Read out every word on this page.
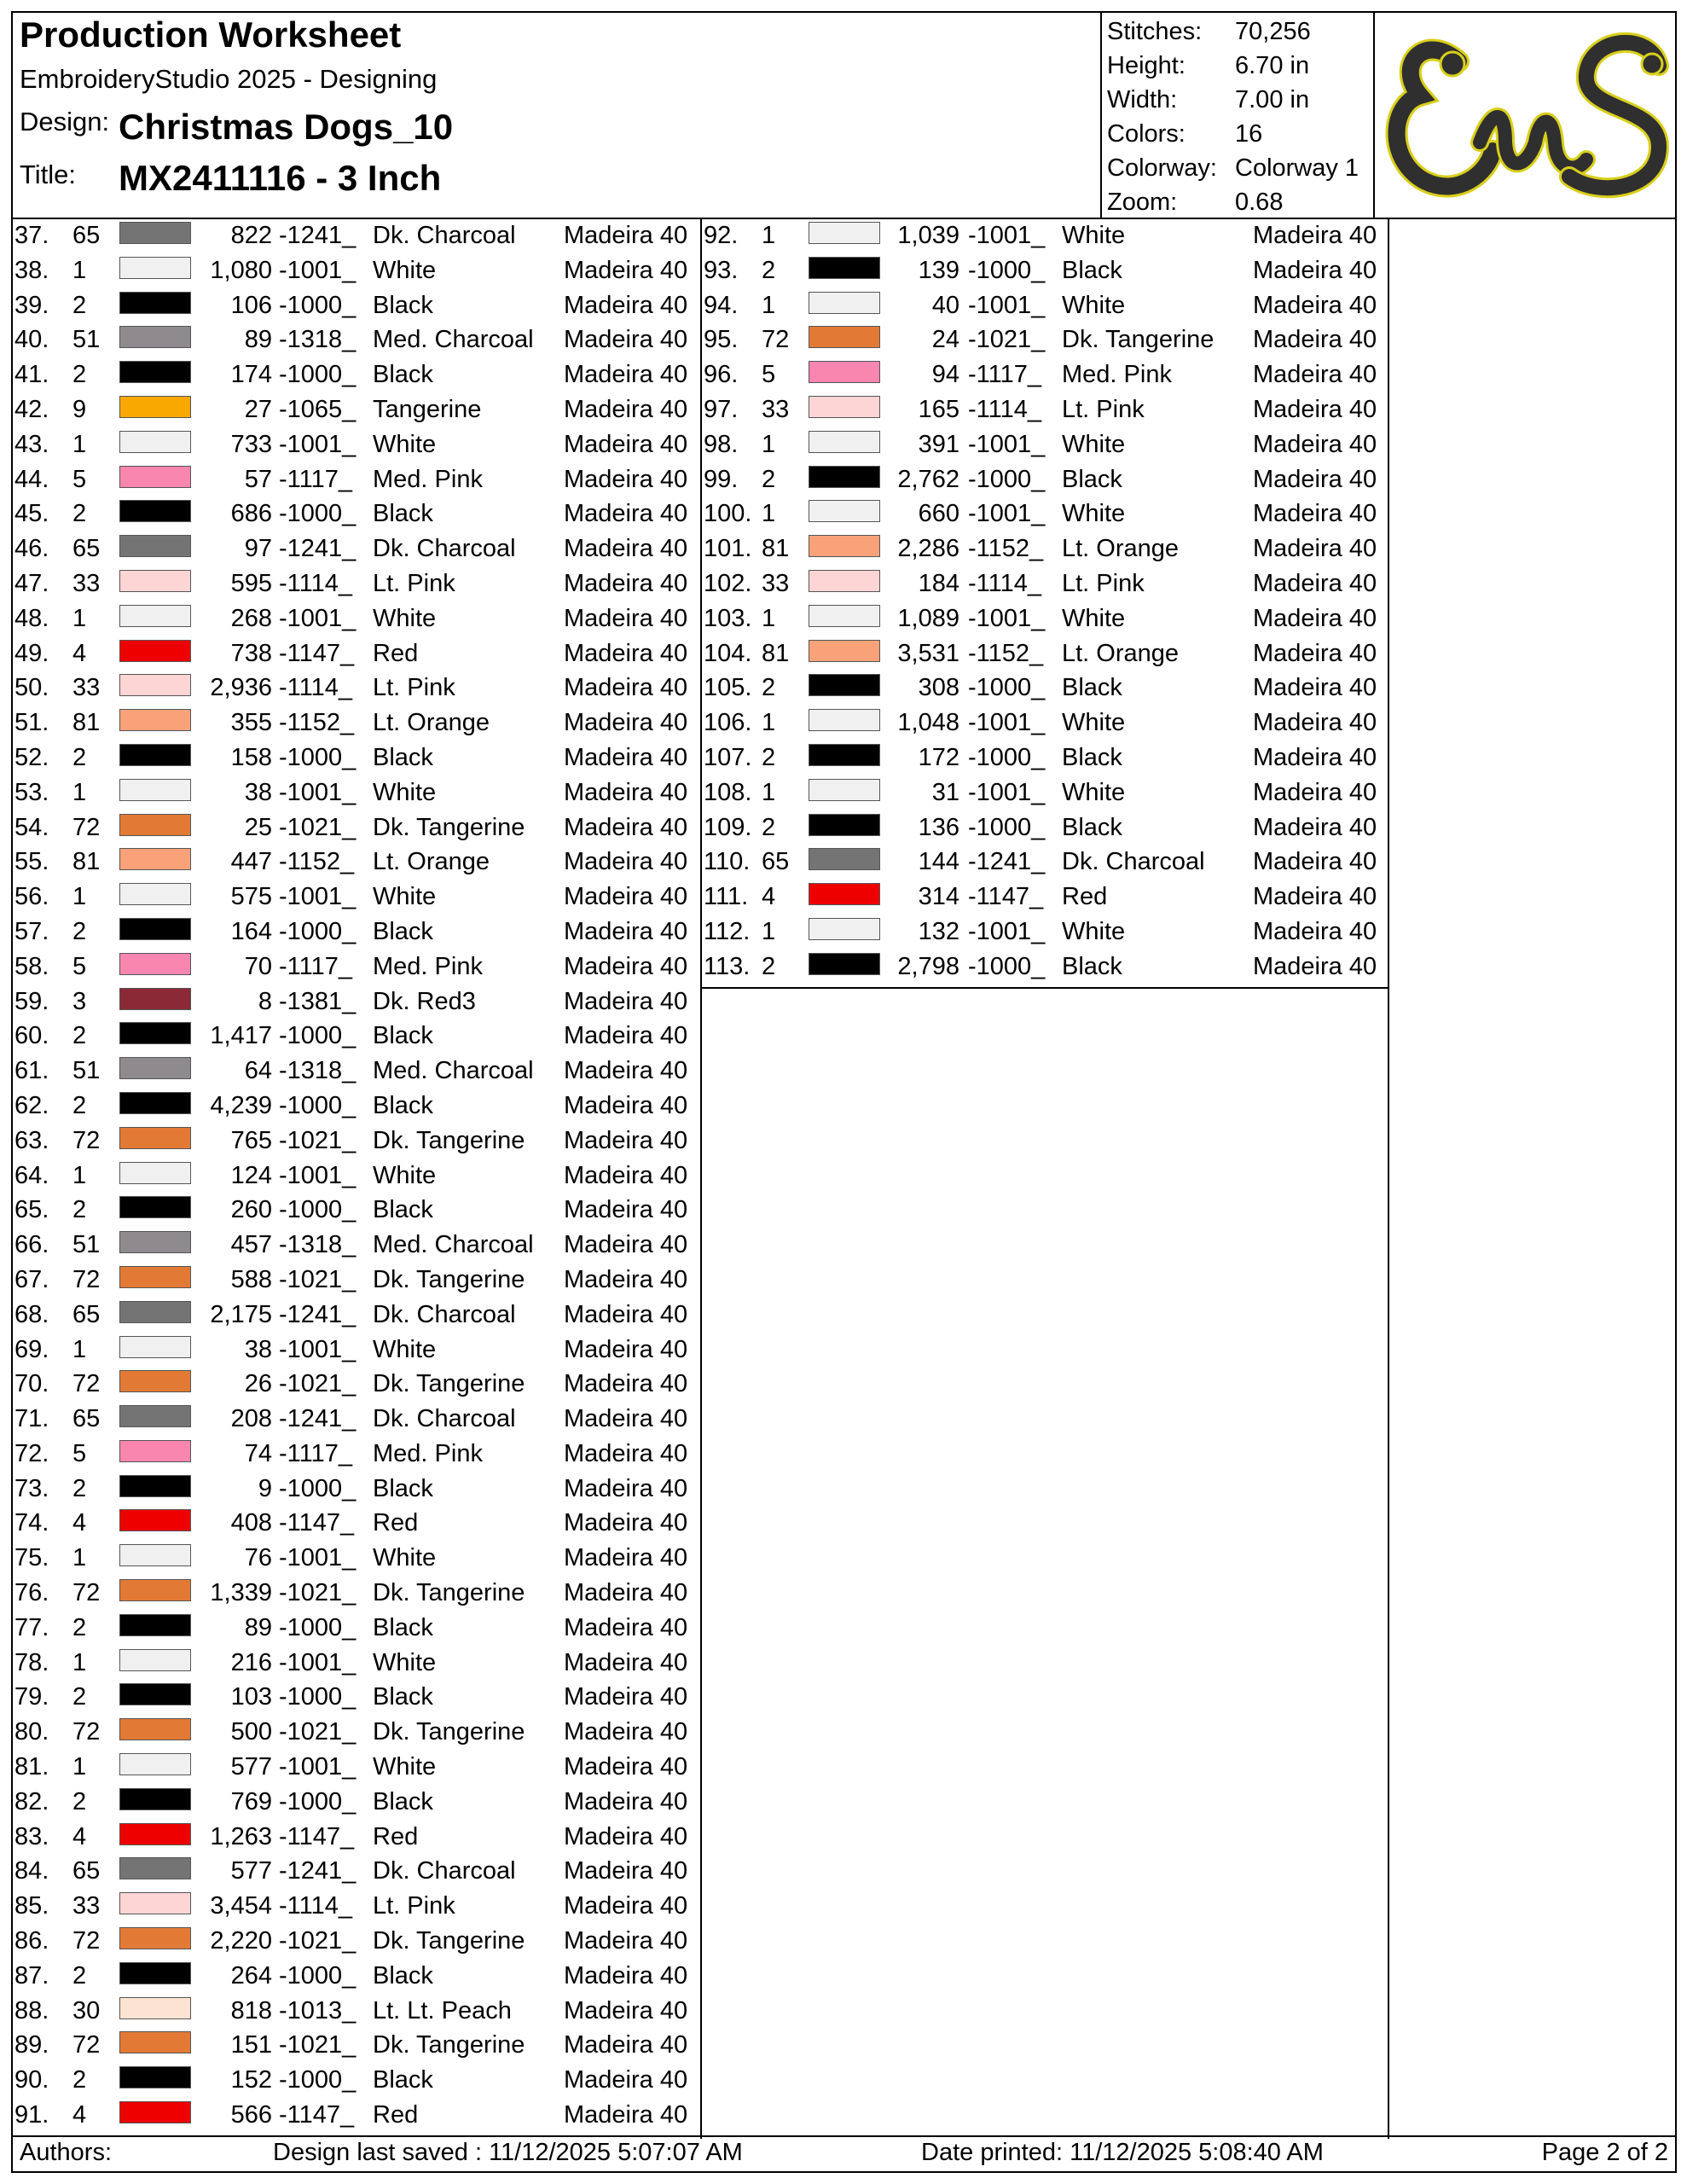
Production Worksheet
EmbroideryStudio 2025 - Designing
Design: Christmas Dogs_10
Title: MX2411116 - 3 Inch
Stitches: 70,256
Height: 6.70 in
Width: 7.00 in
Colors: 16
Colorway: Colorway 1
Zoom: 0.68
37. 65	822 -1241_ Dk. Charcoal Madeira 40
38. 1	1,080 -1001_ White	Madeira 40
39. 2	106 -1000_ Black	Madeira 40
40. 51	89 -1318_ Med. Charcoal Madeira 40
41. 2	174 -1000_ Black	Madeira 40
42. 9	27 -1065_ Tangerine	Madeira 40
43. 1	733 -1001_ White	Madeira 40
44. 5	57 -1117_ Med. Pink	Madeira 40
45. 2	686 -1000_ Black	Madeira 40
46. 65	97 -1241_ Dk. Charcoal Madeira 40
47. 33	595 -1114_ Lt. Pink	Madeira 40
48. 1	268 -1001_ White	Madeira 40
49. 4	738 -1147_ Red	Madeira 40
50. 33	2,936 -1114_ Lt. Pink	Madeira 40
51. 81	355 -1152_ Lt. Orange	Madeira 40
52. 2	158 -1000_ Black	Madeira 40
53. 1	38 -1001_ White	Madeira 40
54. 72	25 -1021_ Dk. Tangerine Madeira 40
55. 81	447 -1152_ Lt. Orange	Madeira 40
56. 1	575 -1001_ White	Madeira 40
57. 2	164 -1000_ Black	Madeira 40
58. 5	70 -1117_ Med. Pink	Madeira 40
59. 3	8 -1381_ Dk. Red3	Madeira 40
60. 2	1,417 -1000_ Black	Madeira 40
61. 51	64 -1318_ Med. Charcoal Madeira 40
62. 2	4,239 -1000_ Black	Madeira 40
63. 72	765 -1021_ Dk. Tangerine Madeira 40
64. 1	124 -1001_ White	Madeira 40
65. 2	260 -1000_ Black	Madeira 40
66. 51	457 -1318_ Med. Charcoal Madeira 40
67. 72	588 -1021_ Dk. Tangerine Madeira 40
68. 65	2,175 -1241_ Dk. Charcoal Madeira 40
69. 1	38 -1001_ White	Madeira 40
70. 72	26 -1021_ Dk. Tangerine Madeira 40
71. 65	208 -1241_ Dk. Charcoal Madeira 40
72. 5	74 -1117_ Med. Pink	Madeira 40
73. 2	9 -1000_ Black	Madeira 40
74. 4	408 -1147_ Red	Madeira 40
75. 1	76 -1001_ White	Madeira 40
76. 72	1,339 -1021_ Dk. Tangerine Madeira 40
77. 2	89 -1000_ Black	Madeira 40
78. 1	216 -1001_ White	Madeira 40
79. 2	103 -1000_ Black	Madeira 40
80. 72	500 -1021_ Dk. Tangerine Madeira 40
81. 1	577 -1001_ White	Madeira 40
82. 2	769 -1000_ Black	Madeira 40
83. 4	1,263 -1147_ Red	Madeira 40
84. 65	577 -1241_ Dk. Charcoal Madeira 40
85. 33	3,454 -1114_ Lt. Pink	Madeira 40
86. 72	2,220 -1021_ Dk. Tangerine Madeira 40
87. 2	264 -1000_ Black	Madeira 40
88. 30	818 -1013_ Lt. Lt. Peach Madeira 40
89. 72	151 -1021_ Dk. Tangerine Madeira 40
90. 2	152 -1000_ Black	Madeira 40
91. 4	566 -1147_ Red	Madeira 40
92. 1	1,039 -1001_ White	Madeira 40
93. 2	139 -1000_ Black	Madeira 40
94. 1	40 -1001_ White	Madeira 40
95. 72	24 -1021_ Dk. Tangerine Madeira 40
96. 5	94 -1117_ Med. Pink	Madeira 40
97. 33	165 -1114_ Lt. Pink	Madeira 40
98. 1	391 -1001_ White	Madeira 40
99. 2	2,762 -1000_ Black	Madeira 40
100. 1	660 -1001_ White	Madeira 40
101. 81	2,286 -1152_ Lt. Orange	Madeira 40
102. 33	184 -1114_ Lt. Pink	Madeira 40
103. 1	1,089 -1001_ White	Madeira 40
104. 81	3,531 -1152_ Lt. Orange	Madeira 40
105. 2	308 -1000_ Black	Madeira 40
106. 1	1,048 -1001_ White	Madeira 40
107. 2	172 -1000_ Black	Madeira 40
108. 1	31 -1001_ White	Madeira 40
109. 2	136 -1000_ Black	Madeira 40
110. 65	144 -1241_ Dk. Charcoal Madeira 40
111. 4	314 -1147_ Red	Madeira 40
112. 1	132 -1001_ White	Madeira 40
113. 2	2,798 -1000_ Black	Madeira 40
Authors:	Design last saved : 11/12/2025 5:07:07 AM	Date printed: 11/12/2025 5:08:40 AM	Page 2 of 2
